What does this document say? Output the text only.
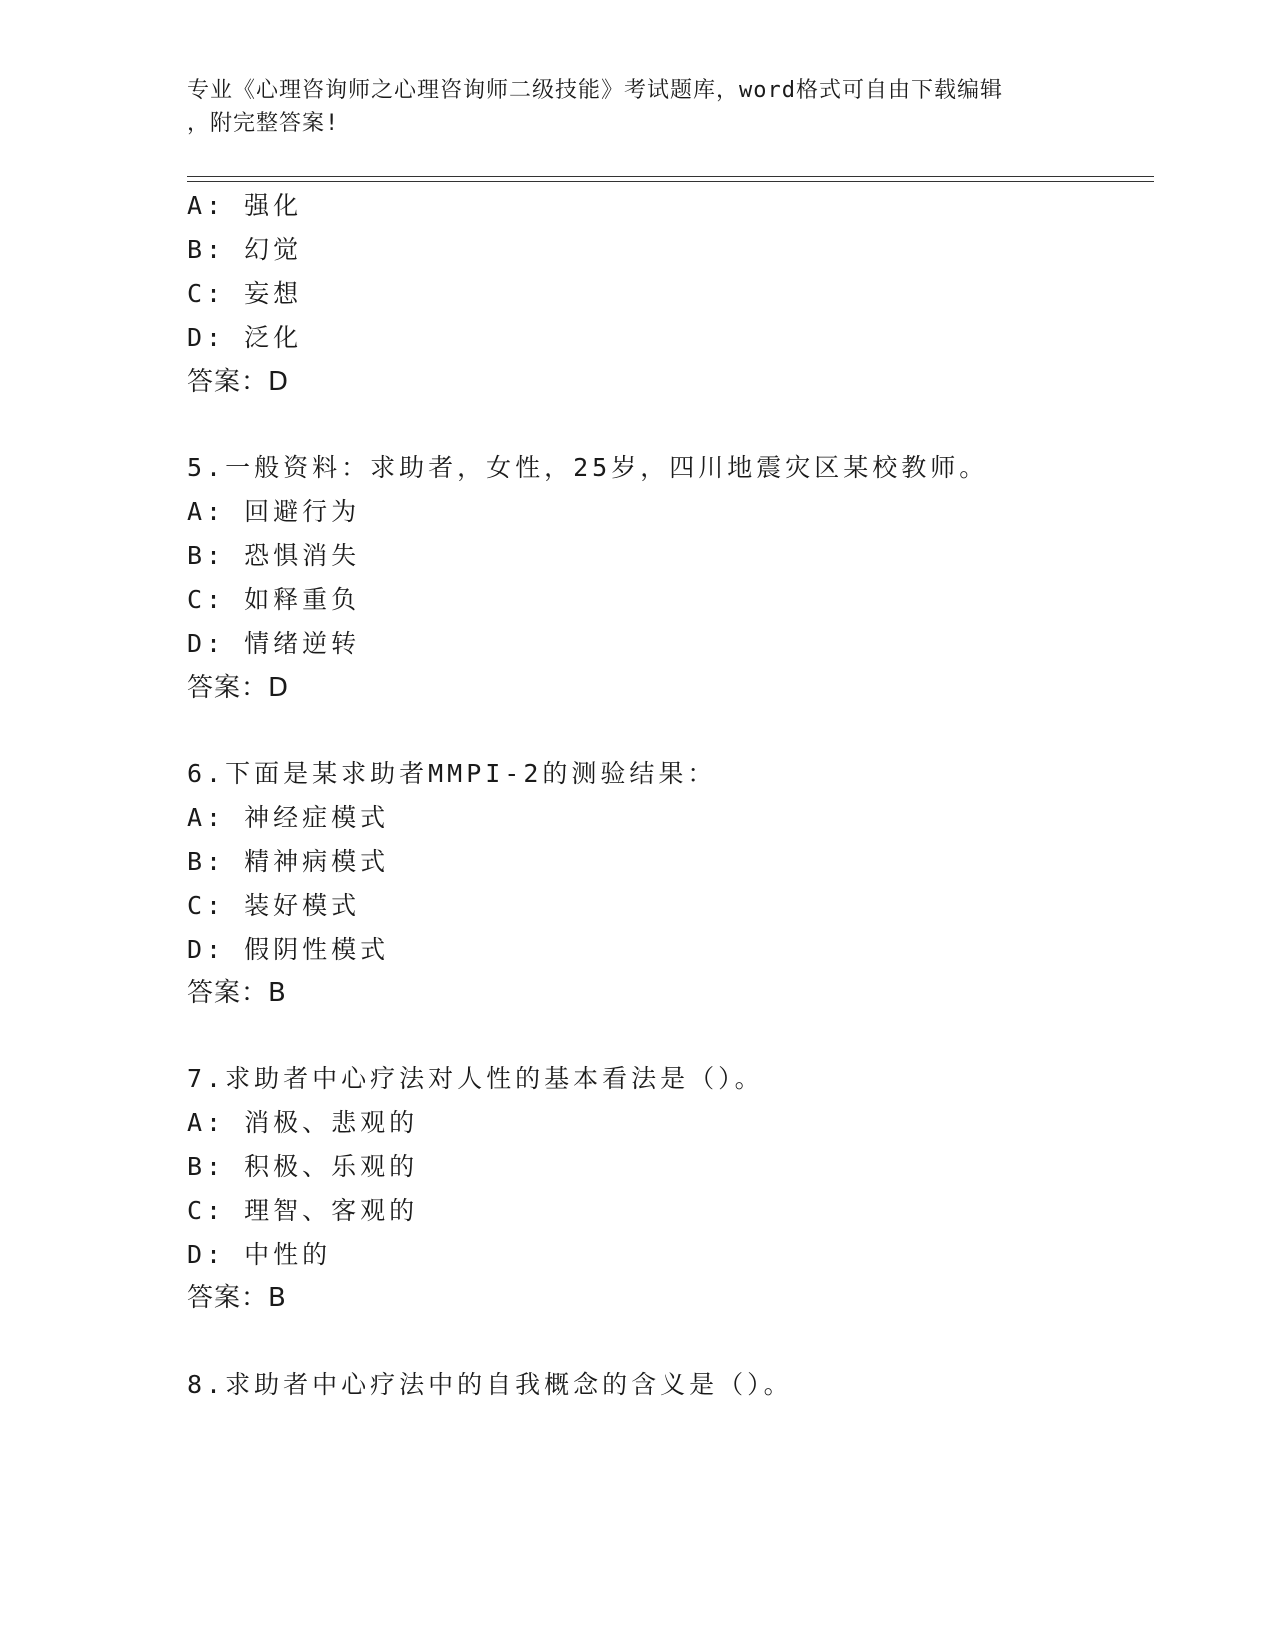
专业《心理咨询师之心理咨询师二级技能》考试题库，word格式可自由下载编辑
，附完整答案!
A: 强化
B: 幻觉
C: 妄想
D: 泛化
答案：D
5.一般资料：求助者，女性，25岁，四川地震灾区某校教师。
A: 回避行为
B: 恐惧消失
C: 如释重负
D: 情绪逆转
答案：D
6.下面是某求助者MMPI-2的测验结果：
A: 神经症模式
B: 精神病模式
C: 装好模式
D: 假阴性模式
答案：B
7.求助者中心疗法对人性的基本看法是（）。
A: 消极、悲观的
B: 积极、乐观的
C: 理智、客观的
D: 中性的
答案：B
8.求助者中心疗法中的自我概念的含义是（）。
